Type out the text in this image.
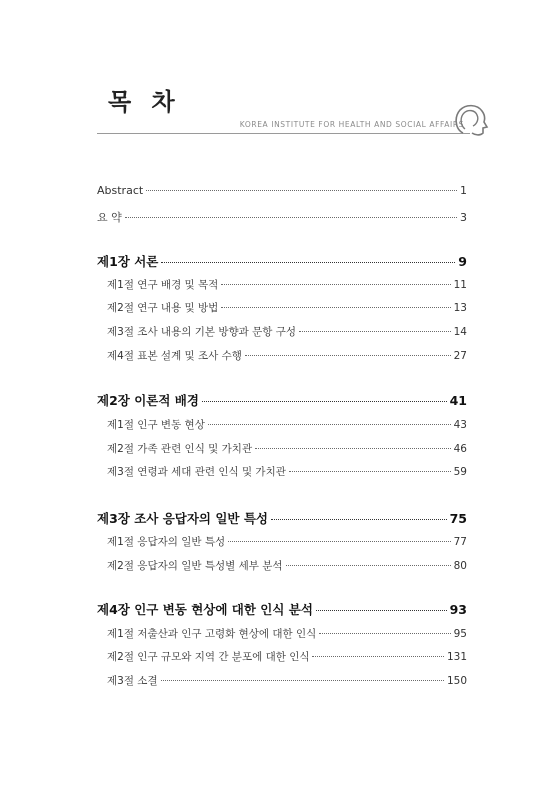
목 차
KOREA INSTITUTE FOR HEALTH AND SOCIAL AFFAIRS
Abstract	1
요 약	3
제1장 서론	9
제1절 연구 배경 및 목적	11
제2절 연구 내용 및 방법	13
제3절 조사 내용의 기본 방향과 문항 구성	14
제4절 표본 설계 및 조사 수행	27
제2장 이론적 배경	41
제1절 인구 변동 현상	43
제2절 가족 관련 인식 및 가치관	46
제3절 연령과 세대 관련 인식 및 가치관	59
제3장 조사 응답자의 일반 특성	75
제1절 응답자의 일반 특성	77
제2절 응답자의 일반 특성별 세부 분석	80
제4장 인구 변동 현상에 대한 인식 분석	93
제1절 저출산과 인구 고령화 현상에 대한 인식	95
제2절 인구 규모와 지역 간 분포에 대한 인식	131
제3절 소결	150
